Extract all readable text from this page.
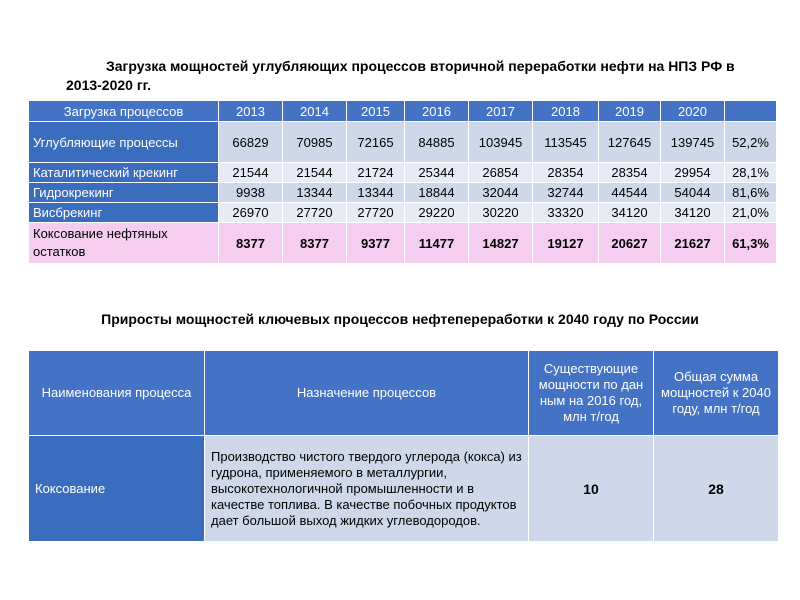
Загрузка мощностей углубляющих процессов вторичной переработки нефти на НПЗ РФ в 2013-2020 гг.
Загрузка процессов	2013	2014	2015	2016	2017	2018	2019	2020	
Углубляющие процессы	66829	70985	72165	84885	103945	113545	127645	139745	52,2%
Каталитический крекинг	21544	21544	21724	25344	26854	28354	28354	29954	28,1%
Гидрокрекинг	9938	13344	13344	18844	32044	32744	44544	54044	81,6%
Висбрекинг	26970	27720	27720	29220	30220	33320	34120	34120	21,0%
Коксование нефтяных остатков	8377	8377	9377	11477	14827	19127	20627	21627	61,3%
Приросты мощностей ключевых процессов нефтепереработки к 2040 году по России
Наименования процесса	Назначение процессов	Существующие мощности по дан ным на 2016 год, млн т/год	Общая сумма мощностей к 2040 году, млн т/год
Коксование	Производство чистого твердого углерода (кокса) из гудрона, применяемого в металлургии, высокотехнологичной промышленности и в качестве топлива. В качестве побочных продуктов дает большой выход жидких углеводородов.	10	28
